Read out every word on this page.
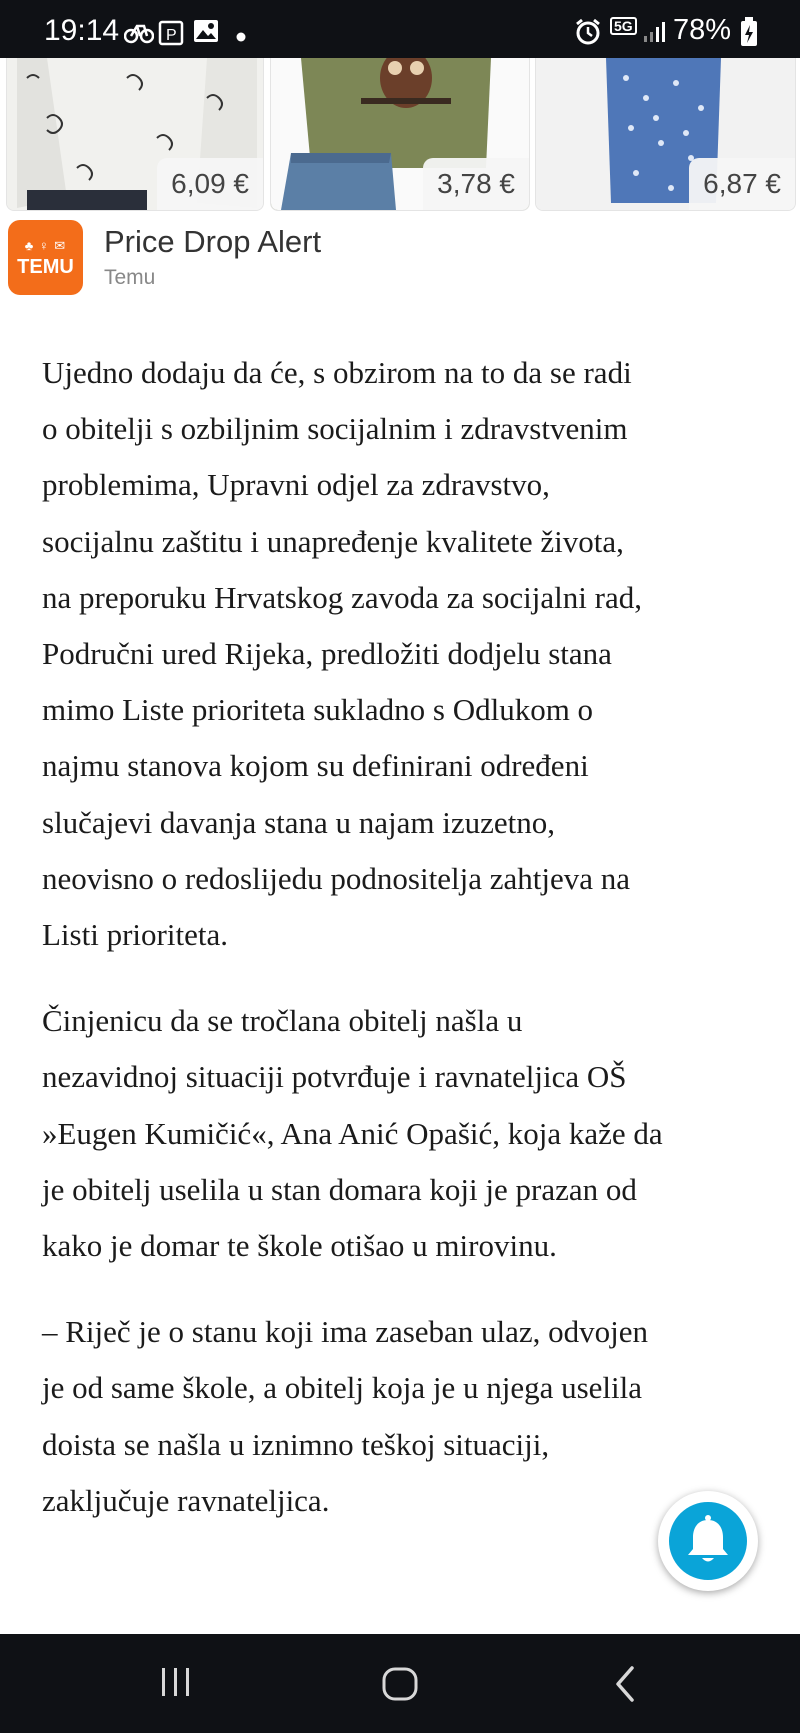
19:14	P
5G 78%
6,09 €	3,78 €	6,87 €
♣ ♀ ✉
TEMU
Price Drop Alert
Temu

Ujedno dodaju da će, s obzirom na to da se radi
o obitelji s ozbiljnim socijalnim i zdravstvenim
problemima, Upravni odjel za zdravstvo,
socijalnu zaštitu i unapređenje kvalitete života,
na preporuku Hrvatskog zavoda za socijalni rad,
Područni ured Rijeka, predložiti dodjelu stana
mimo Liste prioriteta sukladno s Odlukom o
najmu stanova kojom su definirani određeni
slučajevi davanja stana u najam izuzetno,
neovisno o redoslijedu podnositelja zahtjeva na
Listi prioriteta.

Činjenicu da se tročlana obitelj našla u
nezavidnoj situaciji potvrđuje i ravnateljica OŠ
»Eugen Kumičić«, Ana Anić Opašić, koja kaže da
je obitelj uselila u stan domara koji je prazan od
kako je domar te škole otišao u mirovinu.

– Riječ je o stanu koji ima zaseban ulaz, odvojen
je od same škole, a obitelj koja je u njega uselila
doista se našla u iznimno teškoj situaciji,
zaključuje ravnateljica.
